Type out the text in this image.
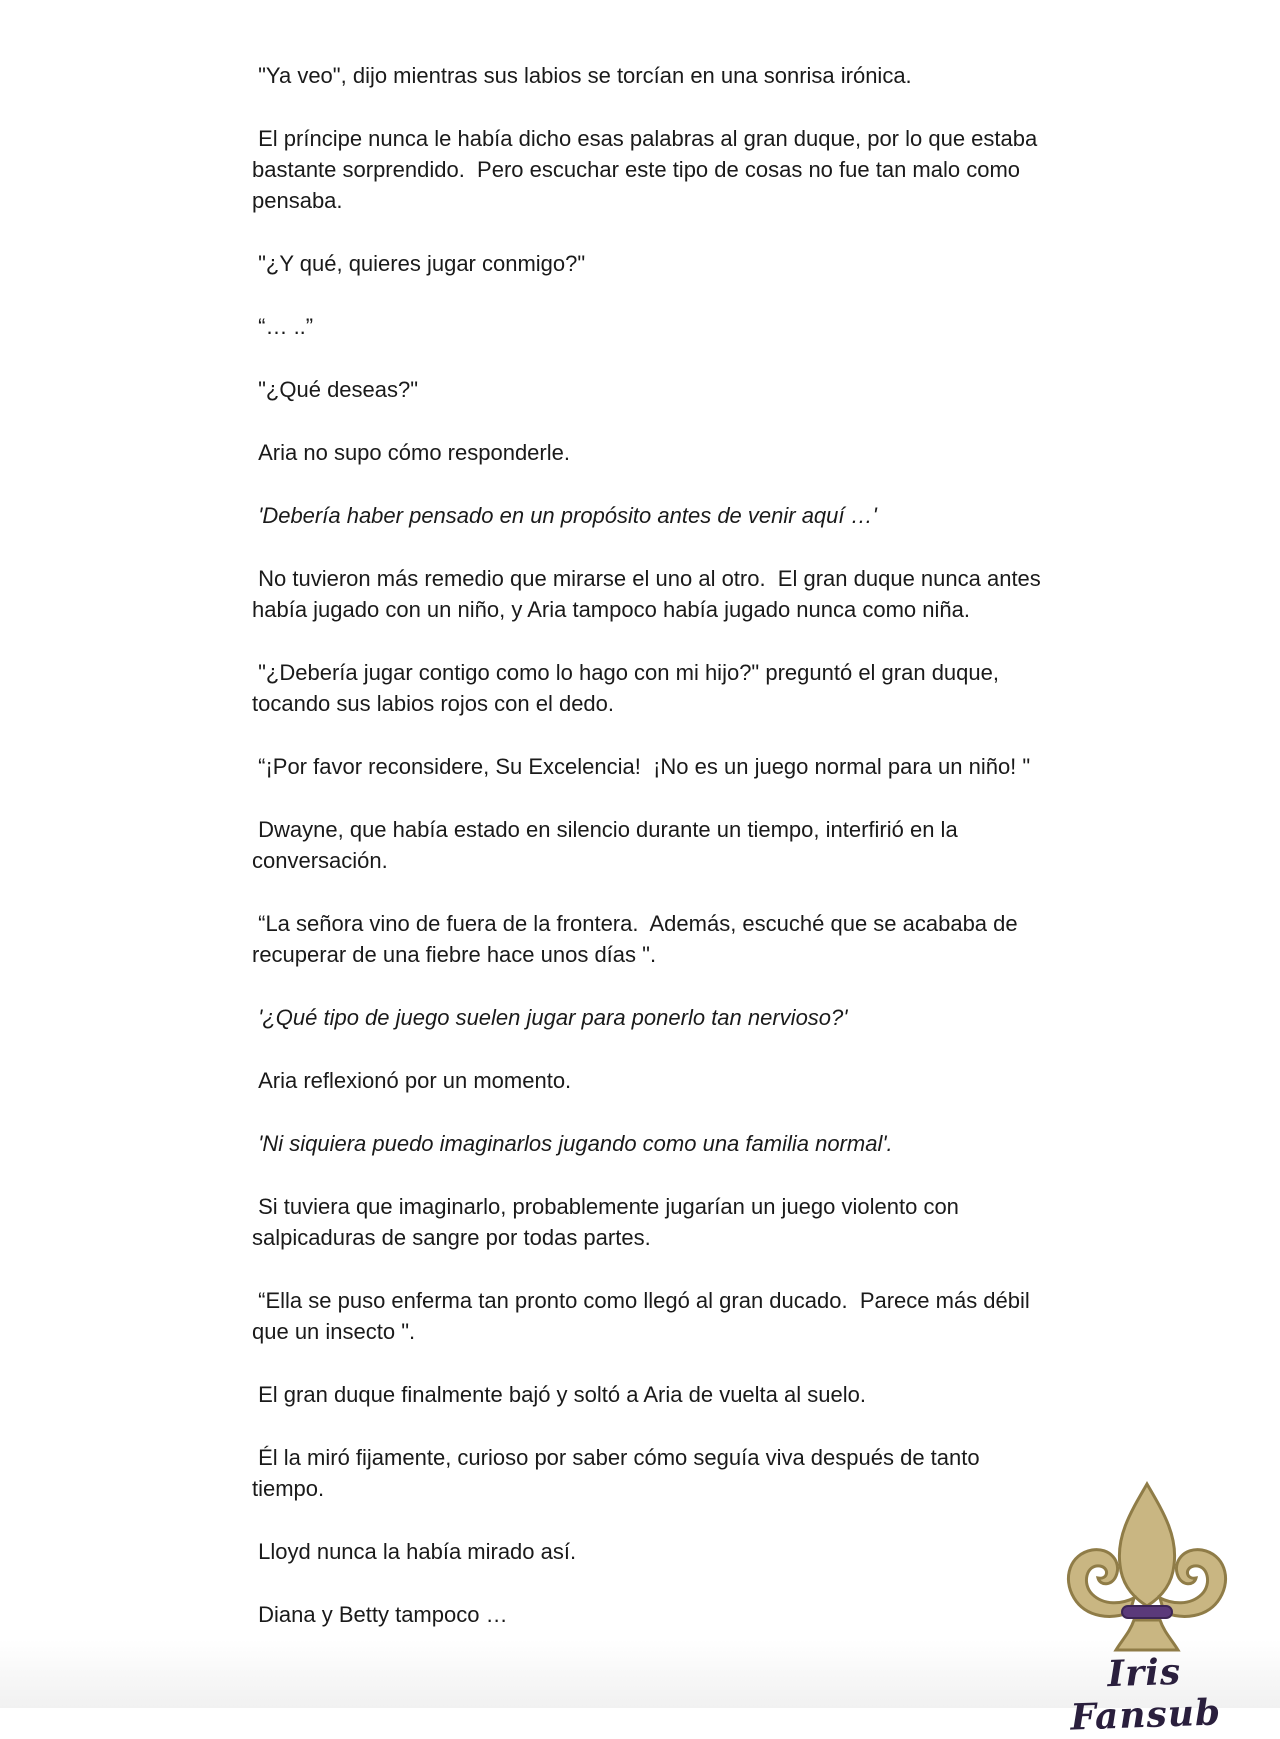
"Ya veo", dijo mientras sus labios se torcían en una sonrisa irónica.

El príncipe nunca le había dicho esas palabras al gran duque, por lo que estaba bastante sorprendido.  Pero escuchar este tipo de cosas no fue tan malo como pensaba.

"¿Y qué, quieres jugar conmigo?"

“… ..”

"¿Qué deseas?"

Aria no supo cómo responderle.

'Debería haber pensado en un propósito antes de venir aquí …'

No tuvieron más remedio que mirarse el uno al otro.  El gran duque nunca antes había jugado con un niño, y Aria tampoco había jugado nunca como niña.

"¿Debería jugar contigo como lo hago con mi hijo?" preguntó el gran duque, tocando sus labios rojos con el dedo.

“¡Por favor reconsidere, Su Excelencia!  ¡No es un juego normal para un niño! "

Dwayne, que había estado en silencio durante un tiempo, interfirió en la conversación.

“La señora vino de fuera de la frontera.  Además, escuché que se acababa de recuperar de una fiebre hace unos días ".

'¿Qué tipo de juego suelen jugar para ponerlo tan nervioso?'

Aria reflexionó por un momento.

'Ni siquiera puedo imaginarlos jugando como una familia normal'.

Si tuviera que imaginarlo, probablemente jugarían un juego violento con salpicaduras de sangre por todas partes.

“Ella se puso enferma tan pronto como llegó al gran ducado.  Parece más débil que un insecto ".

El gran duque finalmente bajó y soltó a Aria de vuelta al suelo.

Él la miró fijamente, curioso por saber cómo seguía viva después de tanto tiempo.

Lloyd nunca la había mirado así.

Diana y Betty tampoco …

Iris Fansub
